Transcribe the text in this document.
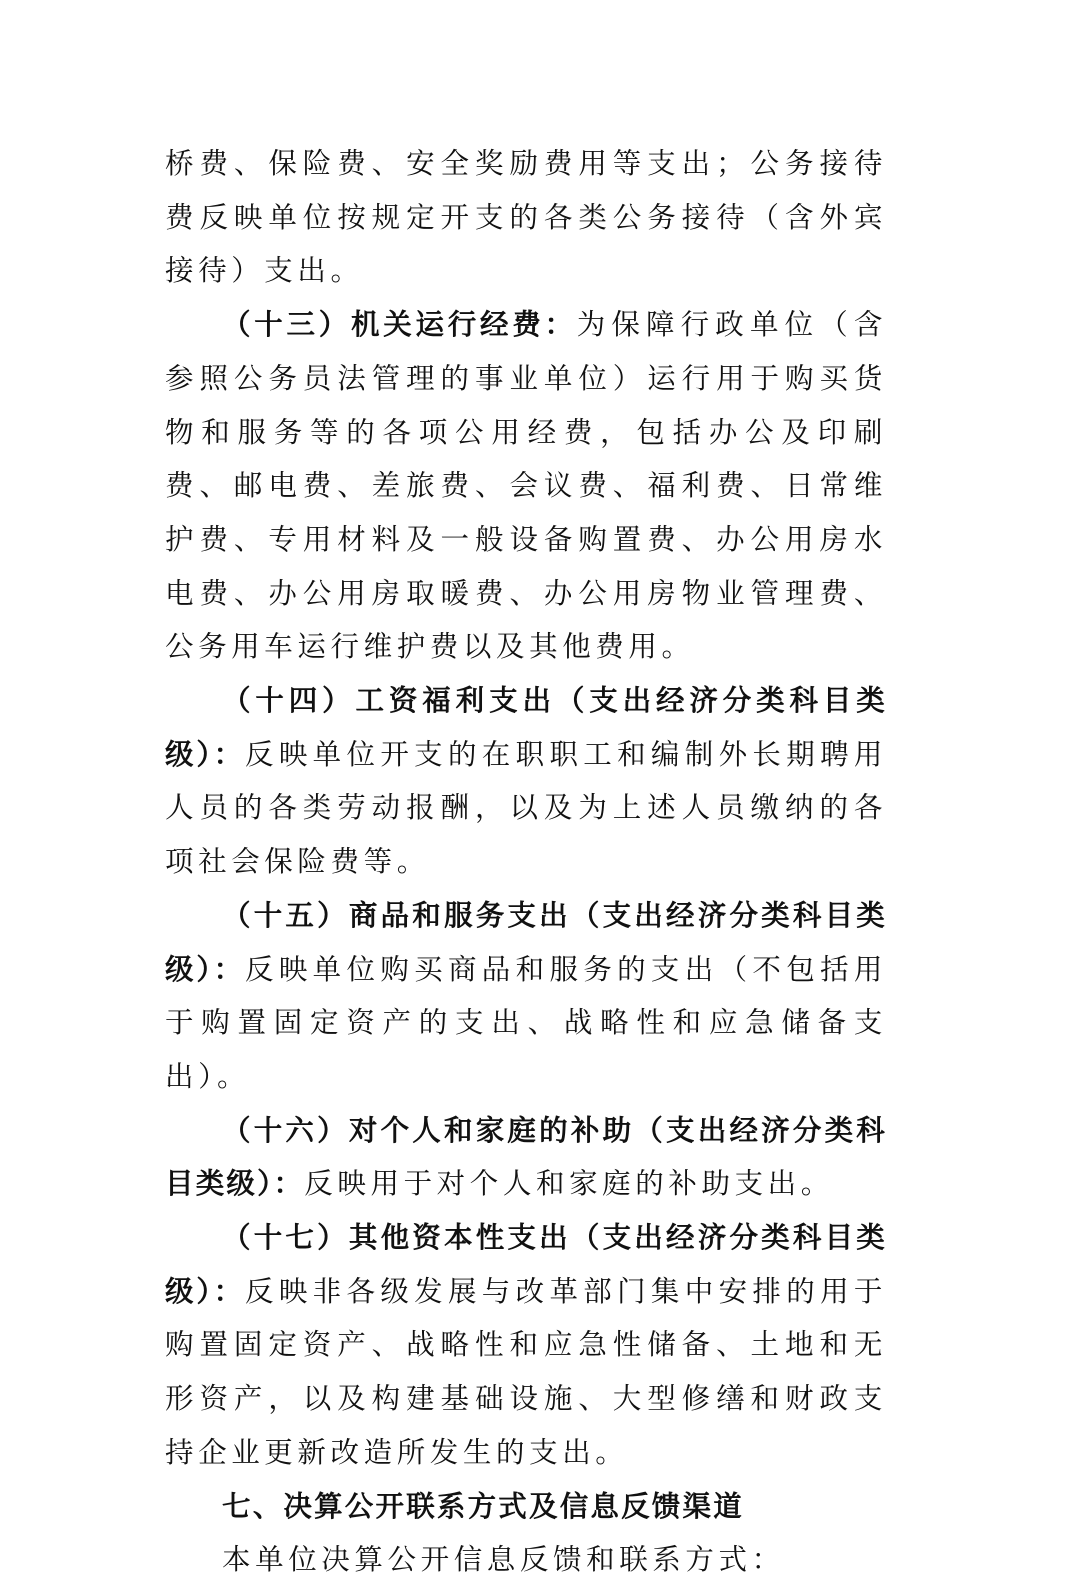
桥费、保险费、安全奖励费用等支出；公务接待费反映单位按规定开支的各类公务接待（含外宾接待）支出。

（十三）机关运行经费：为保障行政单位（含参照公务员法管理的事业单位）运行用于购买货物和服务等的各项公用经费，包括办公及印刷费、邮电费、差旅费、会议费、福利费、日常维护费、专用材料及一般设备购置费、办公用房水电费、办公用房取暖费、办公用房物业管理费、公务用车运行维护费以及其他费用。

（十四）工资福利支出（支出经济分类科目类级）：反映单位开支的在职职工和编制外长期聘用人员的各类劳动报酬，以及为上述人员缴纳的各项社会保险费等。

（十五）商品和服务支出（支出经济分类科目类级）：反映单位购买商品和服务的支出（不包括用于购置固定资产的支出、战略性和应急储备支出）。

（十六）对个人和家庭的补助（支出经济分类科目类级）：反映用于对个人和家庭的补助支出。

（十七）其他资本性支出（支出经济分类科目类级）：反映非各级发展与改革部门集中安排的用于购置固定资产、战略性和应急性储备、土地和无形资产，以及构建基础设施、大型修缮和财政支持企业更新改造所发生的支出。

七、决算公开联系方式及信息反馈渠道

本单位决算公开信息反馈和联系方式：
